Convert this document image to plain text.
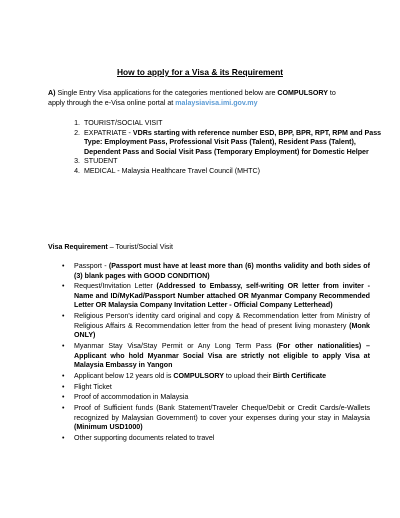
How to apply for a Visa & its Requirement
A) Single Entry Visa applications for the categories mentioned below are COMPULSORY to apply through the e-Visa online portal at malaysiavisa.imi.gov.my
1. TOURIST/SOCIAL VISIT
2. EXPATRIATE - VDRs starting with reference number ESD, BPP, BPR, RPT, RPM and Pass Type: Employment Pass, Professional Visit Pass (Talent), Resident Pass (Talent), Dependent Pass and Social Visit Pass (Temporary Employment) for Domestic Helper
3. STUDENT
4. MEDICAL - Malaysia Healthcare Travel Council (MHTC)
Visa Requirement – Tourist/Social Visit
• Passport - (Passport must have at least more than (6) months validity and both sides of (3) blank pages with GOOD CONDITION)
• Request/Invitation Letter (Addressed to Embassy, self-writing OR letter from inviter - Name and ID/MyKad/Passport Number attached OR Myanmar Company Recommended Letter OR Malaysia Company Invitation Letter - Official Company Letterhead)
• Religious Person's identity card original and copy & Recommendation letter from Ministry of Religious Affairs & Recommendation letter from the head of present living monastery (Monk ONLY)
• Myanmar Stay Visa/Stay Permit or Any Long Term Pass (For other nationalities) – Applicant who hold Myanmar Social Visa are strictly not eligible to apply Visa at Malaysia Embassy in Yangon
• Applicant below 12 years old is COMPULSORY to upload their Birth Certificate
• Flight Ticket
• Proof of accommodation in Malaysia
• Proof of Sufficient funds (Bank Statement/Traveler Cheque/Debit or Credit Cards/e-Wallets recognized by Malaysian Government) to cover your expenses during your stay in Malaysia (Minimum USD1000)
• Other supporting documents related to travel
